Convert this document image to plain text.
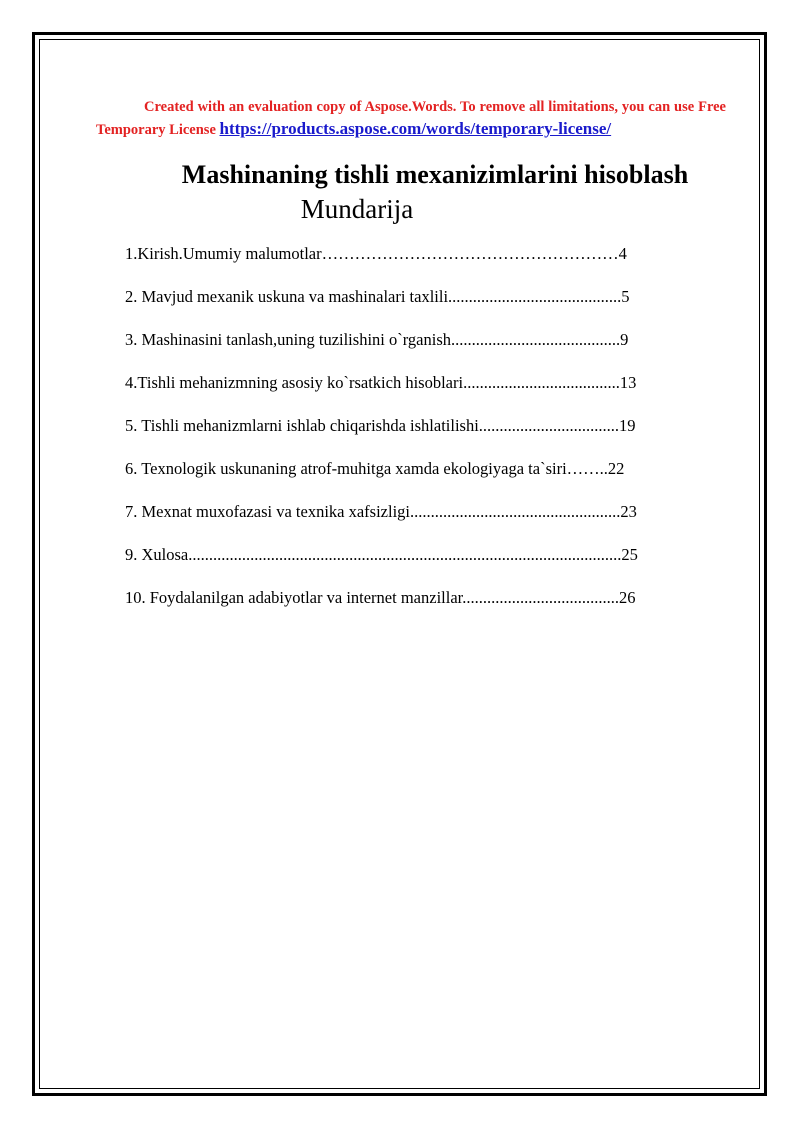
Created with an evaluation copy of Aspose.Words. To remove all limitations, you can use Free Temporary License https://products.aspose.com/words/temporary-license/
Mashinaning tishli mexanizimlarini hisoblash
Mundarija
1.Kirish.Umumiy malumotlar………………………………………………4
2. Mavjud mexanik uskuna va mashinalari taxlili..........................................5
3. Mashinasini tanlash,uning tuzilishini o`rganish.........................................9
4.Tishli mehanizmning asosiy ko`rsatkich hisoblari......................................13
5. Tishli mehanizmlarni ishlab chiqarishda ishlatilishi..................................19
6. Texnologik uskunaning atrof-muhitga xamda ekologiyaga ta`siri……..22
7. Mexnat muxofazasi va texnika xafsizligi...................................................23
9. Xulosa.........................................................................................................25
10. Foydalanilgan adabiyotlar va internet manzillar......................................26
